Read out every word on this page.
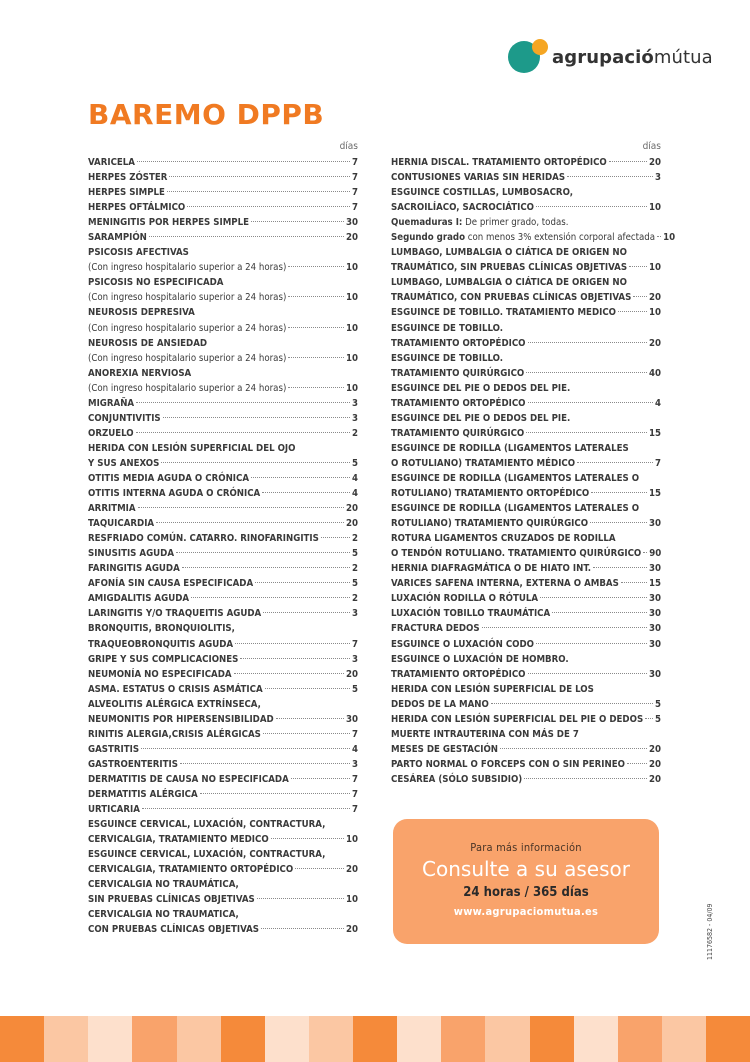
agrupaciómútua
BAREMO DPPB
días
VARICELA	7
HERPES ZÓSTER	7
HERPES SIMPLE	7
HERPES OFTÁLMICO	7
MENINGITIS POR HERPES SIMPLE	30
SARAMPIÓN	20
PSICOSIS AFECTIVAS
(Con ingreso hospitalario superior a 24 horas)	10
PSICOSIS NO ESPECIFICADA
(Con ingreso hospitalario superior a 24 horas)	10
NEUROSIS DEPRESIVA
(Con ingreso hospitalario superior a 24 horas)	10
NEUROSIS DE ANSIEDAD
(Con ingreso hospitalario superior a 24 horas)	10
ANOREXIA NERVIOSA
(Con ingreso hospitalario superior a 24 horas)	10
MIGRAÑA	3
CONJUNTIVITIS	3
ORZUELO	2
HERIDA CON LESIÓN SUPERFICIAL DEL OJO
Y SUS ANEXOS	5
OTITIS MEDIA AGUDA O CRÓNICA	4
OTITIS INTERNA AGUDA O CRÓNICA	4
ARRITMIA	20
TAQUICARDIA	20
RESFRIADO COMÚN. CATARRO. RINOFARINGITIS	2
SINUSITIS AGUDA	5
FARINGITIS AGUDA	2
AFONÍA SIN CAUSA ESPECIFICADA	5
AMIGDALITIS AGUDA	2
LARINGITIS Y/O TRAQUEITIS AGUDA	3
BRONQUITIS, BRONQUIOLITIS,
TRAQUEOBRONQUITIS AGUDA	7
GRIPE Y SUS COMPLICACIONES	3
NEUMONÍA NO ESPECIFICADA	20
ASMA. ESTATUS O CRISIS ASMÁTICA	5
ALVEOLITIS ALÉRGICA EXTRÍNSECA,
NEUMONITIS POR HIPERSENSIBILIDAD	30
RINITIS ALERGIA,CRISIS ALÉRGICAS	7
GASTRITIS	4
GASTROENTERITIS	3
DERMATITIS DE CAUSA NO ESPECIFICADA	7
DERMATITIS ALÉRGICA	7
URTICARIA	7
ESGUINCE CERVICAL, LUXACIÓN, CONTRACTURA,
CERVICALGIA, TRATAMIENTO MEDICO	10
ESGUINCE CERVICAL, LUXACIÓN, CONTRACTURA,
CERVICALGIA, TRATAMIENTO ORTOPÉDICO	20
CERVICALGIA NO TRAUMÁTICA,
SIN PRUEBAS CLÍNICAS OBJETIVAS	10
CERVICALGIA NO TRAUMATICA,
CON PRUEBAS CLÍNICAS OBJETIVAS	20
días
HERNIA DISCAL. TRATAMIENTO ORTOPÉDICO	20
CONTUSIONES VARIAS SIN HERIDAS	3
ESGUINCE COSTILLAS, LUMBOSACRO,
SACROILÍACO, SACROCIÁTICO	10
Quemaduras I: De primer grado, todas.
Segundo grado con menos 3% extensión corporal afectada 10
LUMBAGO, LUMBALGIA O CIÁTICA DE ORIGEN NO
TRAUMÁTICO, SIN PRUEBAS CLÍNICAS OBJETIVAS 10
LUMBAGO, LUMBALGIA O CIÁTICA DE ORIGEN NO
TRAUMÁTICO, CON PRUEBAS CLÍNICAS OBJETIVAS 20
ESGUINCE DE TOBILLO. TRATAMIENTO MEDICO	10
ESGUINCE DE TOBILLO.
TRATAMIENTO ORTOPÉDICO	20
ESGUINCE DE TOBILLO.
TRATAMIENTO QUIRÚRGICO	40
ESGUINCE DEL PIE O DEDOS DEL PIE.
TRATAMIENTO ORTOPÉDICO	4
ESGUINCE DEL PIE O DEDOS DEL PIE.
TRATAMIENTO QUIRÚRGICO	15
ESGUINCE DE RODILLA (LIGAMENTOS LATERALES
O ROTULIANO) TRATAMIENTO MÉDICO	7
ESGUINCE DE RODILLA (LIGAMENTOS LATERALES O
ROTULIANO) TRATAMIENTO ORTOPÉDICO	15
ESGUINCE DE RODILLA (LIGAMENTOS LATERALES O
ROTULIANO) TRATAMIENTO QUIRÚRGICO	30
ROTURA LIGAMENTOS CRUZADOS DE RODILLA
O TENDÓN ROTULIANO. TRATAMIENTO QUIRÚRGICO 90
HERNIA DIAFRAGMÁTICA O DE HIATO INT.	30
VARICES SAFENA INTERNA, EXTERNA O AMBAS	15
LUXACIÓN RODILLA O RÓTULA	30
LUXACIÓN TOBILLO TRAUMÁTICA	30
FRACTURA DEDOS	30
ESGUINCE O LUXACIÓN CODO	30
ESGUINCE O LUXACIÓN DE HOMBRO.
TRATAMIENTO ORTOPÉDICO	30
HERIDA CON LESIÓN SUPERFICIAL DE LOS
DEDOS DE LA MANO	5
HERIDA CON LESIÓN SUPERFICIAL DEL PIE O DEDOS 5
MUERTE INTRAUTERINA CON MÁS DE 7
MESES DE GESTACIÓN	20
PARTO NORMAL O FORCEPS CON O SIN PERINEO	20
CESÁREA (SÓLO SUBSIDIO)	20
Para más información
Consulte a su asesor
24 horas / 365 días
www.agrupaciomutua.es	11176582 - 04/09
